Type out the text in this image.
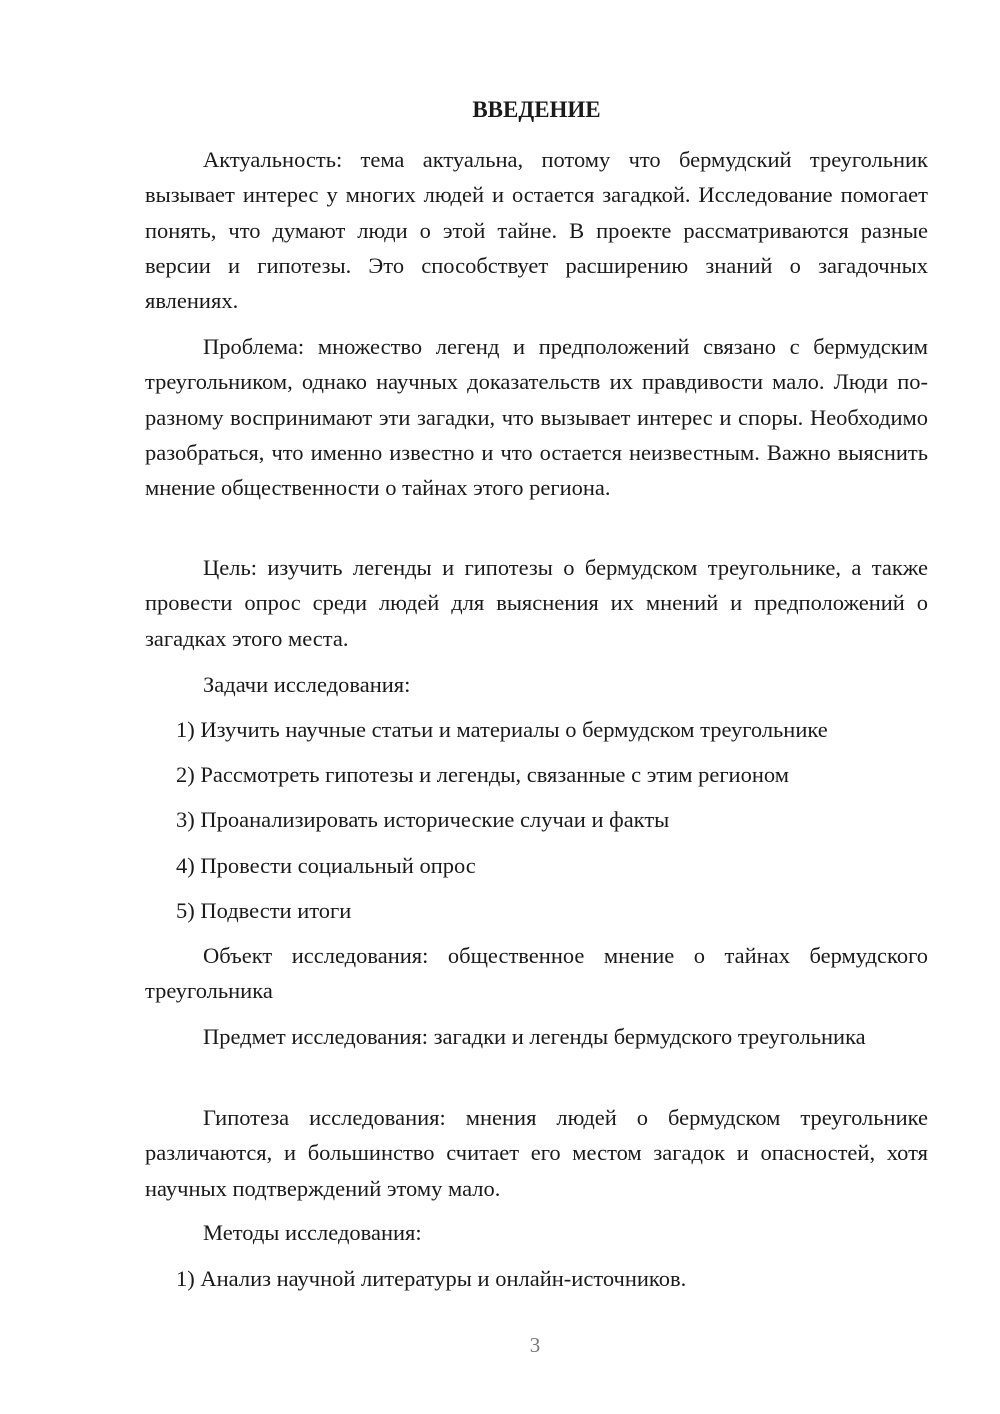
ВВЕДЕНИЕ

Актуальность: тема актуальна, потому что бермудский треугольник вызывает интерес у многих людей и остается загадкой. Исследование помогает понять, что думают люди о этой тайне. В проекте рассматриваются разные версии и гипотезы. Это способствует расширению знаний о загадочных явлениях.

Проблема: множество легенд и предположений связано с бермудским треугольником, однако научных доказательств их правдивости мало. Люди по-разному воспринимают эти загадки, что вызывает интерес и споры. Необходимо разобраться, что именно известно и что остается неизвестным. Важно выяснить мнение общественности о тайнах этого региона.

Цель: изучить легенды и гипотезы о бермудском треугольнике, а также провести опрос среди людей для выяснения их мнений и предположений о загадках этого места.

Задачи исследования:

1) Изучить научные статьи и материалы о бермудском треугольнике
2) Рассмотреть гипотезы и легенды, связанные с этим регионом
3) Проанализировать исторические случаи и факты
4) Провести социальный опрос
5) Подвести итоги

Объект исследования: общественное мнение о тайнах бермудского треугольника

Предмет исследования: загадки и легенды бермудского треугольника

Гипотеза исследования: мнения людей о бермудском треугольнике различаются, и большинство считает его местом загадок и опасностей, хотя научных подтверждений этому мало.

Методы исследования:

1) Анализ научной литературы и онлайн-источников.
3
